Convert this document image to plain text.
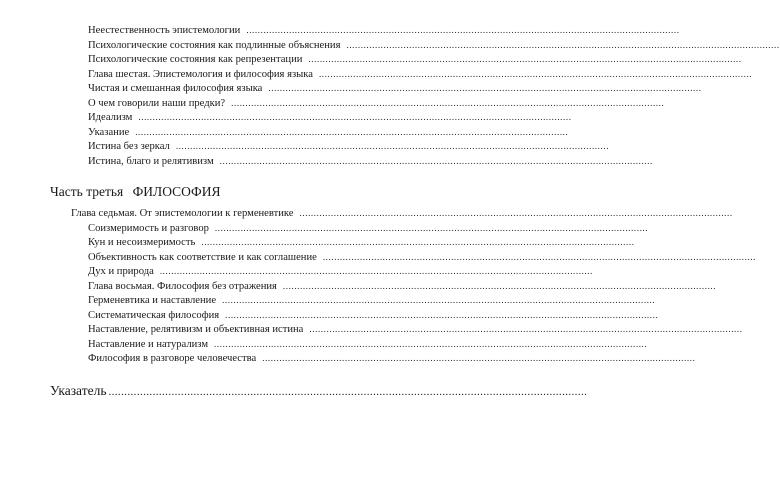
Неестественность эпистемологии ........................................................................................................................................................
Психологические состояния как подлинные объяснения ........................................................................................................................................................
Психологические состояния как репрезентации ........................................................................................................................................................
Глава шестая. Эпистемология и философия языка ........................................................................................................................................................
Чистая и смешанная философия языка ........................................................................................................................................................
О чем говорили наши предки? ........................................................................................................................................................
Идеализм ........................................................................................................................................................
Указание ........................................................................................................................................................
Истина без зеркал ........................................................................................................................................................
Истина, благо и релятивизм ........................................................................................................................................................
Часть третья ФИЛОСОФИЯ
Глава седьмая. От эпистемологии к герменевтике ........................................................................................................................................................
Соизмеримость и разговор ........................................................................................................................................................
Кун и несоизмеримость ........................................................................................................................................................
Объективность как соответствие и как соглашение ........................................................................................................................................................
Дух и природа ........................................................................................................................................................
Глава восьмая. Философия без отражения ........................................................................................................................................................
Герменевтика и наставление ........................................................................................................................................................
Систематическая философия ........................................................................................................................................................
Наставление, релятивизм и объективная истина ........................................................................................................................................................
Наставление и натурализм ........................................................................................................................................................
Философия в разговоре человечества ........................................................................................................................................................
Указатель ........................................................................................................................................................
